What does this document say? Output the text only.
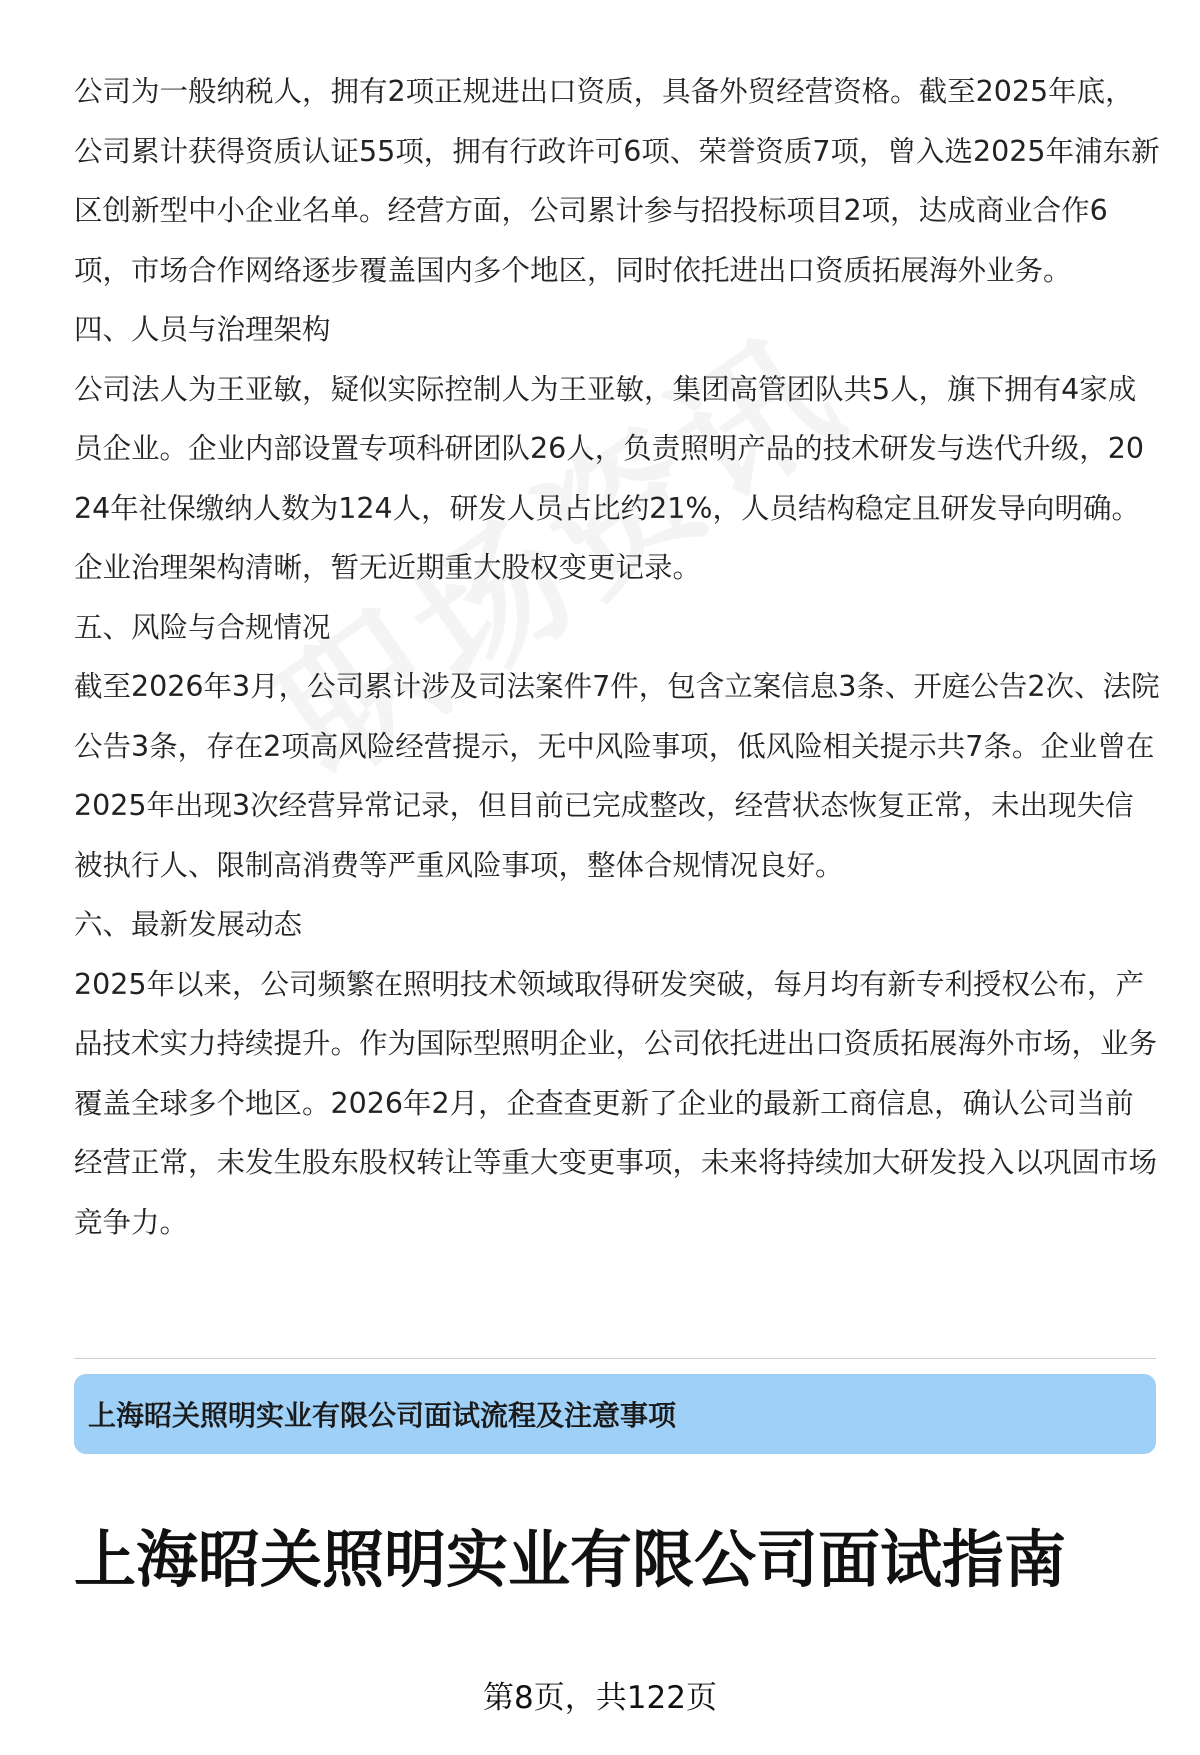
公司为一般纳税人，拥有2项正规进出口资质，具备外贸经营资格。截至2025年底，公司累计获得资质认证55项，拥有行政许可6项、荣誉资质7项，曾入选2025年浦东新区创新型中小企业名单。经营方面，公司累计参与招投标项目2项，达成商业合作6项，市场合作网络逐步覆盖国内多个地区，同时依托进出口资质拓展海外业务。

四、人员与治理架构

公司法人为王亚敏，疑似实际控制人为王亚敏，集团高管团队共5人，旗下拥有4家成员企业。企业内部设置专项科研团队26人，负责照明产品的技术研发与迭代升级，2024年社保缴纳人数为124人，研发人员占比约21%，人员结构稳定且研发导向明确。企业治理架构清晰，暂无近期重大股权变更记录。

五、风险与合规情况

截至2026年3月，公司累计涉及司法案件7件，包含立案信息3条、开庭公告2次、法院公告3条，存在2项高风险经营提示，无中风险事项，低风险相关提示共7条。企业曾在2025年出现3次经营异常记录，但目前已完成整改，经营状态恢复正常，未出现失信被执行人、限制高消费等严重风险事项，整体合规情况良好。

六、最新发展动态

2025年以来，公司频繁在照明技术领域取得研发突破，每月均有新专利授权公布，产品技术实力持续提升。作为国际型照明企业，公司依托进出口资质拓展海外市场，业务覆盖全球多个地区。2026年2月，企查查更新了企业的最新工商信息，确认公司当前经营正常，未发生股东股权转让等重大变更事项，未来将持续加大研发投入以巩固市场竞争力。

上海昭关照明实业有限公司面试流程及注意事项
上海昭关照明实业有限公司面试指南
第8页，共122页
